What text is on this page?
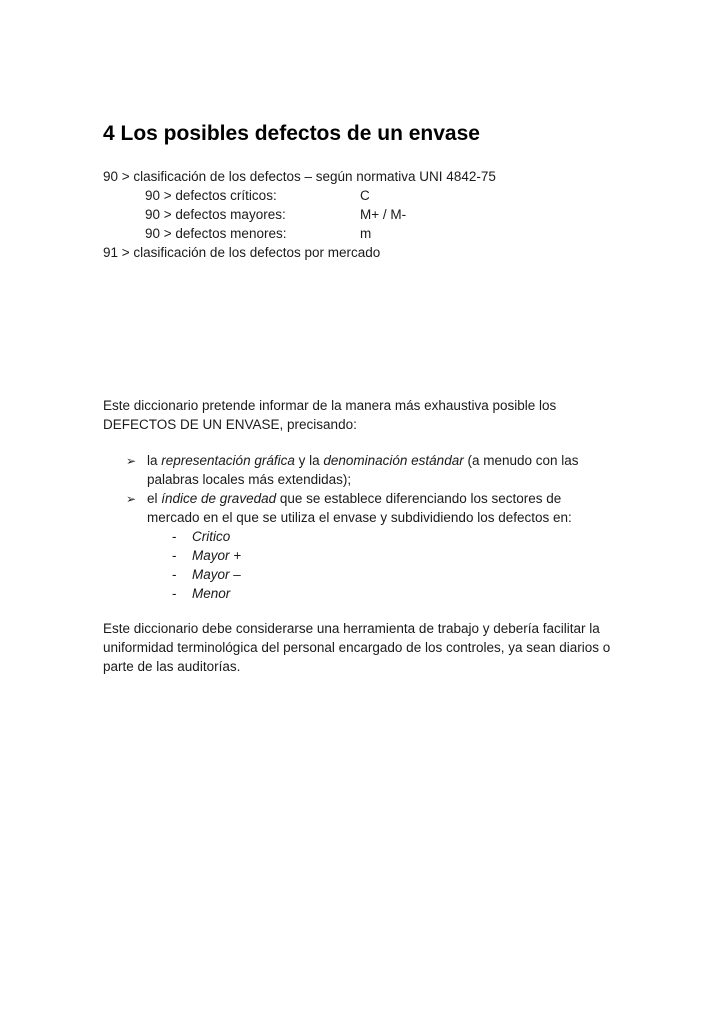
4 Los posibles defectos de un envase
90 > clasificación de los defectos – según normativa UNI 4842-75
90 > defectos críticos:	C
90 > defectos mayores:	M+ / M-
90 > defectos menores:	m
91 > clasificación de los defectos por mercado

Este diccionario pretende informar de la manera más exhaustiva posible los DEFECTOS DE UN ENVASE, precisando:

➢ la representación gráfica y la denominación estándar (a menudo con las palabras locales más extendidas);
➢ el índice de gravedad que se establece diferenciando los sectores de mercado en el que se utiliza el envase y subdividiendo los defectos en:
- Critico
- Mayor +
- Mayor –
- Menor

Este diccionario debe considerarse una herramienta de trabajo y debería facilitar la uniformidad terminológica del personal encargado de los controles, ya sean diarios o parte de las auditorías.
